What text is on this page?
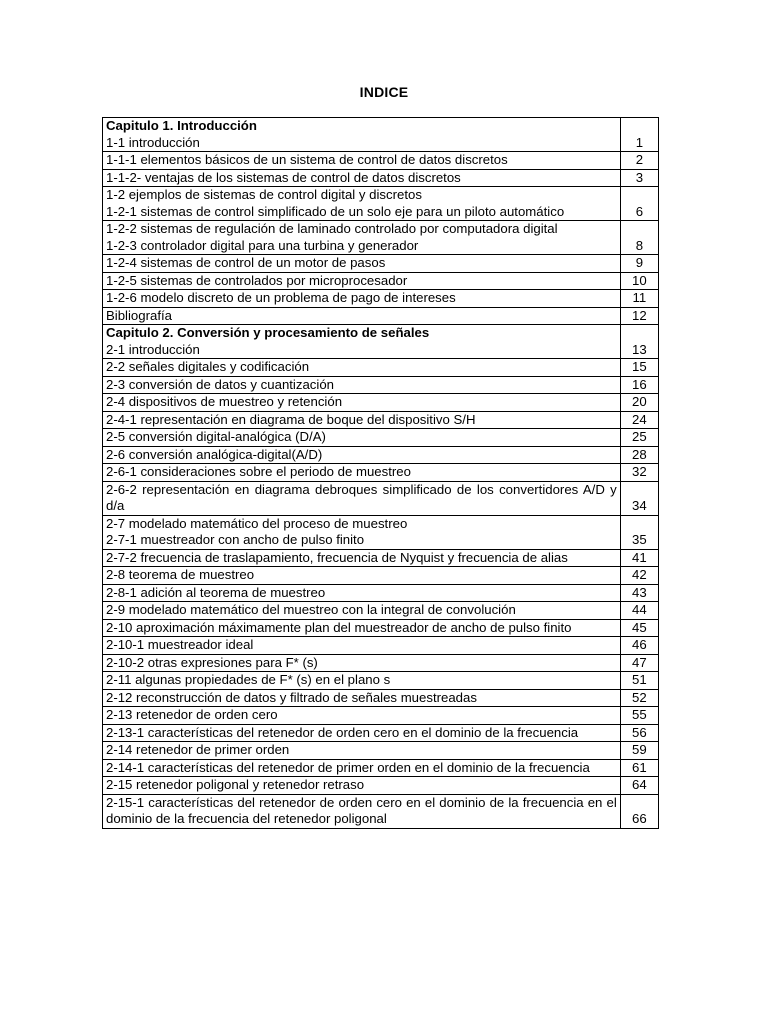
INDICE
Capitulo 1. Introducción
1-1 introducción	1

1-1-1 elementos básicos de un sistema de control de datos discretos	2

1-1-2- ventajas de los sistemas de control de datos discretos	3

1-2 ejemplos de sistemas de control digital y discretos
1-2-1 sistemas de control simplificado de un solo eje para un piloto automático	6

1-2-2 sistemas de regulación de laminado controlado por computadora digital
1-2-3 controlador digital para una turbina y generador	8

1-2-4 sistemas de control de un motor de pasos	9

1-2-5 sistemas de controlados por microprocesador	10

1-2-6 modelo discreto de un problema de pago de intereses	11

Bibliografía	12

Capitulo 2. Conversión y procesamiento de señales
2-1 introducción	13

2-2 señales digitales y codificación	15

2-3 conversión de datos y cuantización	16

2-4 dispositivos de muestreo y retención	20

2-4-1 representación en diagrama de boque del dispositivo S/H	24

2-5 conversión digital-analógica (D/A)	25

2-6 conversión analógica-digital(A/D)	28

2-6-1 consideraciones sobre el periodo de muestreo	32

2-6-2 representación en diagrama debroques simplificado de los convertidores A/D y d/a	34

2-7 modelado matemático del proceso de muestreo
2-7-1 muestreador con ancho de pulso finito	35

2-7-2 frecuencia de traslapamiento, frecuencia de Nyquist y frecuencia de alias	41

2-8 teorema de muestreo	42

2-8-1 adición al teorema de muestreo	43

2-9 modelado matemático del muestreo con la integral de convolución	44

2-10 aproximación máximamente plan del muestreador de ancho de pulso finito	45

2-10-1 muestreador ideal	46

2-10-2 otras expresiones para F* (s)	47

2-11 algunas propiedades de F* (s) en el plano s	51

2-12 reconstrucción de datos y filtrado de señales muestreadas	52

2-13 retenedor de orden cero	55

2-13-1 características del retenedor de orden cero en el dominio de la frecuencia	56

2-14 retenedor de primer orden	59

2-14-1 características del retenedor de primer orden en el dominio de la frecuencia	61

2-15 retenedor poligonal y retenedor retraso	64

2-15-1 características del retenedor de orden cero en el dominio de la frecuencia en el dominio de la frecuencia del retenedor poligonal	66
